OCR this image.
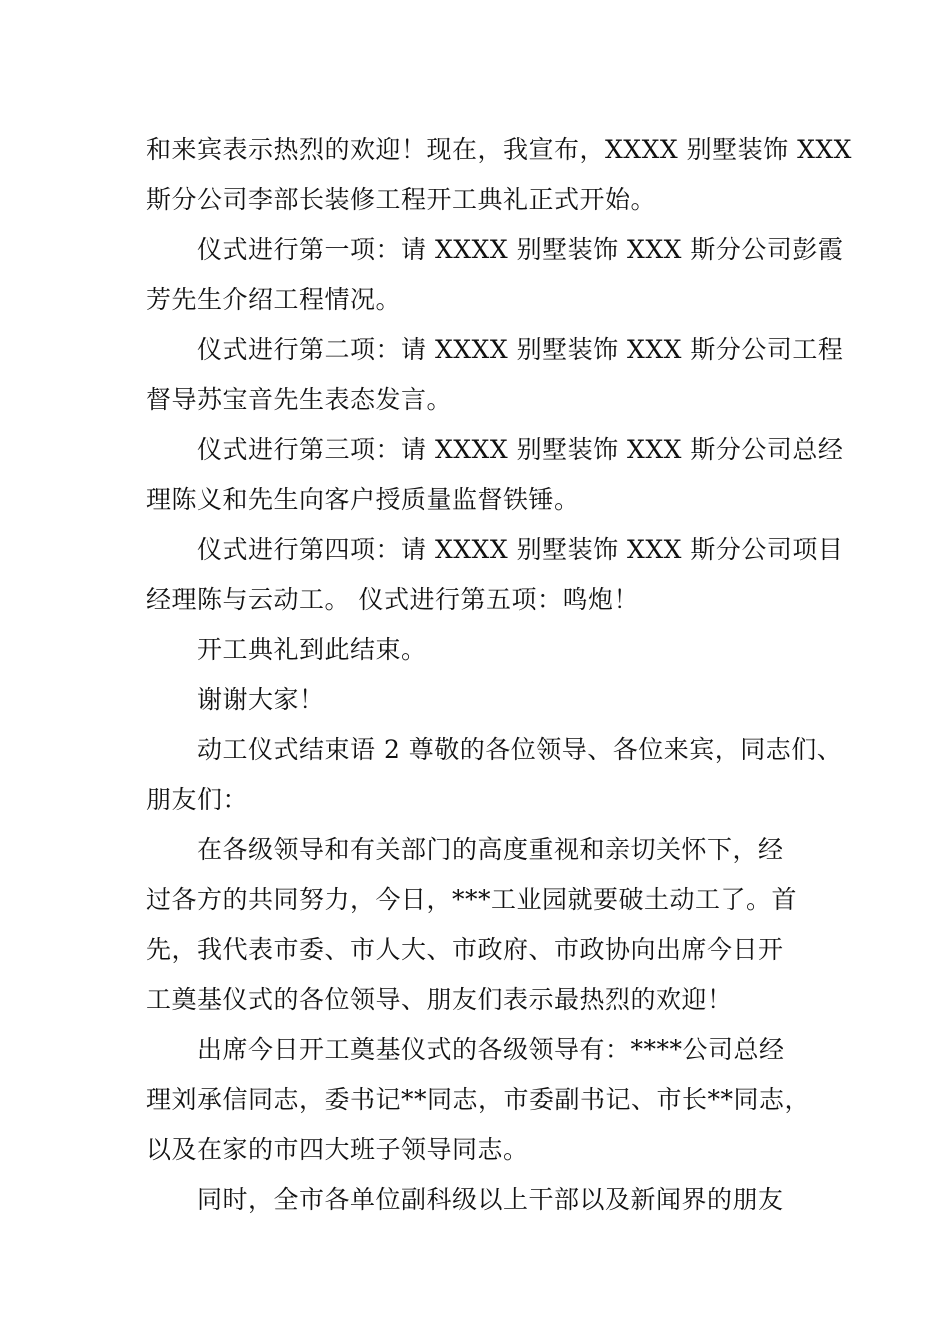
和来宾表示热烈的欢迎！现在，我宣布，XXXX 别墅装饰 XXX
斯分公司李部长装修工程开工典礼正式开始。
仪式进行第一项：请 XXXX 别墅装饰 XXX 斯分公司彭霞
芳先生介绍工程情况。
仪式进行第二项：请 XXXX 别墅装饰 XXX 斯分公司工程
督导苏宝音先生表态发言。
仪式进行第三项：请 XXXX 别墅装饰 XXX 斯分公司总经
理陈义和先生向客户授质量监督铁锤。
仪式进行第四项：请 XXXX 别墅装饰 XXX 斯分公司项目
经理陈与云动工。 仪式进行第五项：鸣炮！
开工典礼到此结束。
谢谢大家！
动工仪式结束语 2 尊敬的各位领导、各位来宾，同志们、
朋友们：
在各级领导和有关部门的高度重视和亲切关怀下，经
过各方的共同努力，今日，***工业园就要破土动工了。首
先，我代表市委、市人大、市政府、市政协向出席今日开
工奠基仪式的各位领导、朋友们表示最热烈的欢迎！
出席今日开工奠基仪式的各级领导有：****公司总经
理刘承信同志，委书记**同志，市委副书记、市长**同志，
以及在家的市四大班子领导同志。
同时，全市各单位副科级以上干部以及新闻界的朋友
